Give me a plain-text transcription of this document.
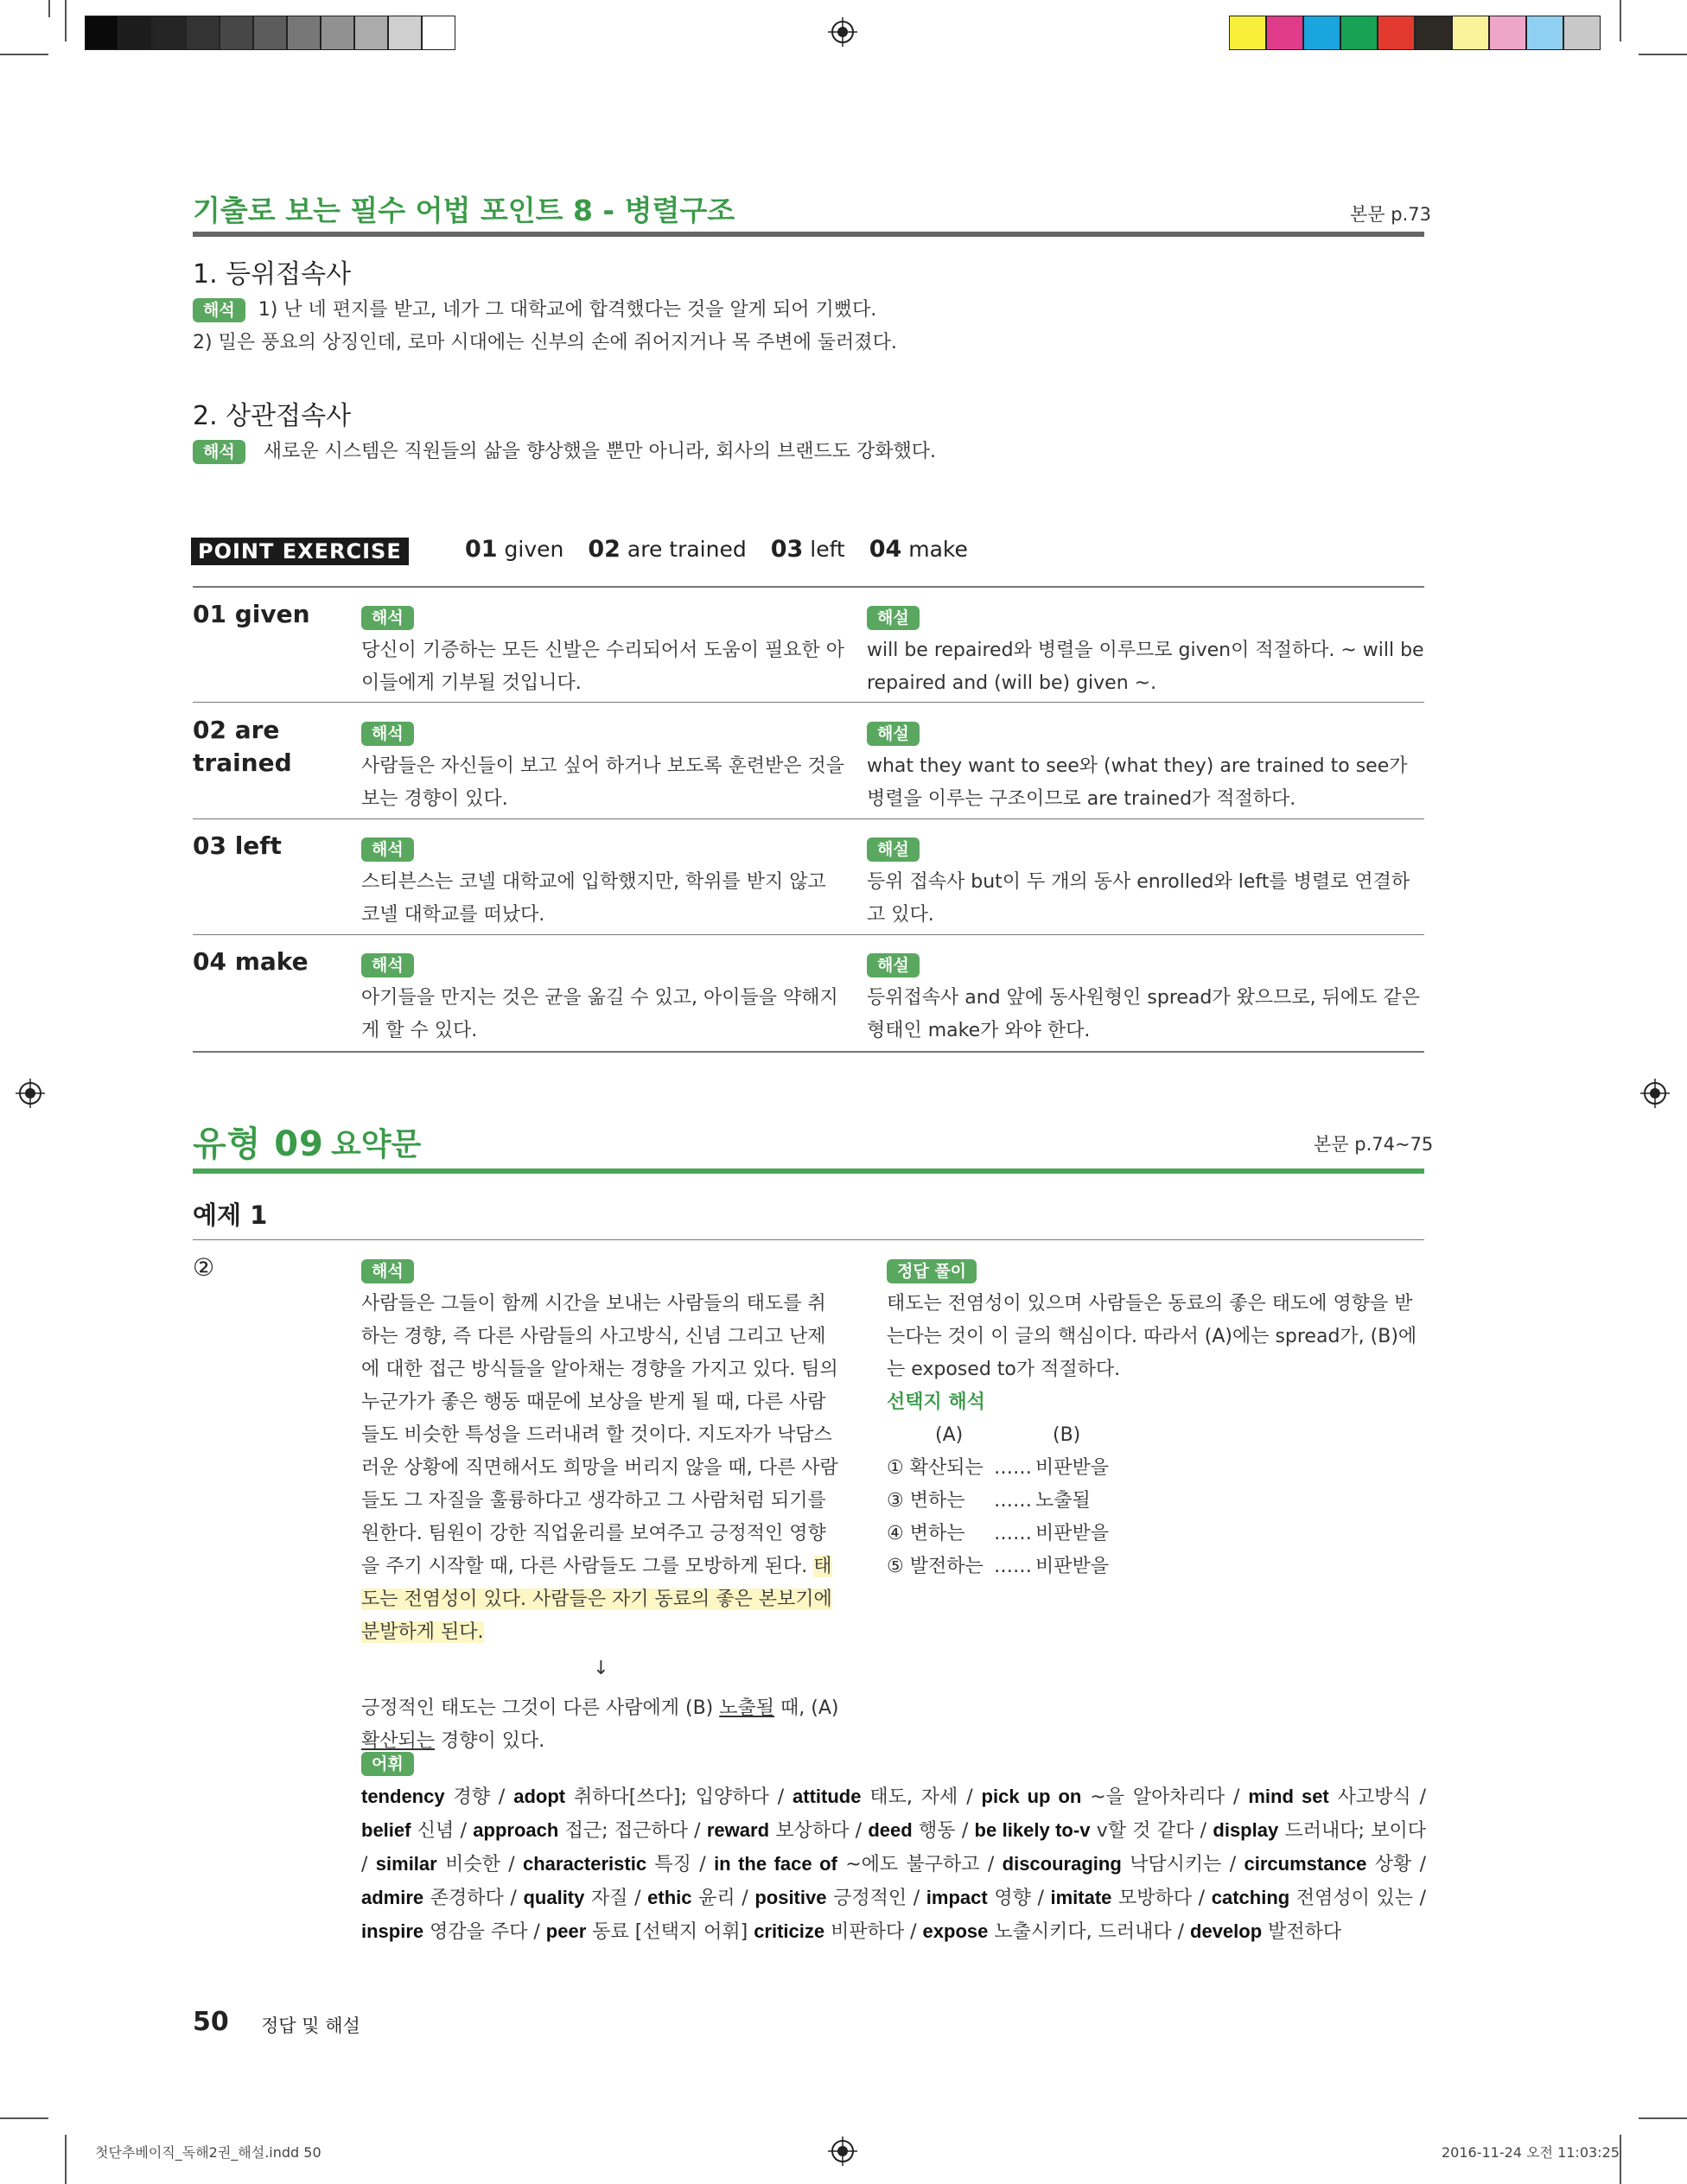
기출로 보는 필수 어법 포인트 8 - 병렬구조	본문 p.73
1. 등위접속사
해석 1) 난 네 편지를 받고, 네가 그 대학교에 합격했다는 것을 알게 되어 기뻤다.
2) 밀은 풍요의 상징인데, 로마 시대에는 신부의 손에 쥐어지거나 목 주변에 둘러졌다.
2. 상관접속사
해석 새로운 시스템은 직원들의 삶을 향상했을 뿐만 아니라, 회사의 브랜드도 강화했다.
POINT EXERCISE	01 given 02 are trained 03 left 04 make
01 given	해석
당신이 기증하는 모든 신발은 수리되어서 도움이 필요한 아이들에게 기부될 것입니다.
해설
will be repaired와 병렬을 이루므로 given이 적절하다. ~ will be repaired and (will be) given ~.
02 are trained
해석
사람들은 자신들이 보고 싶어 하거나 보도록 훈련받은 것을 보는 경향이 있다.
해설
what they want to see와 (what they) are trained to see가 병렬을 이루는 구조이므로 are trained가 적절하다.
03 left	해석
스티븐스는 코넬 대학교에 입학했지만, 학위를 받지 않고 코넬 대학교를 떠났다.
해설
등위 접속사 but이 두 개의 동사 enrolled와 left를 병렬로 연결하고 있다.
04 make	해석
아기들을 만지는 것은 균을 옮길 수 있고, 아이들을 약해지게 할 수 있다.
해설
등위접속사 and 앞에 동사원형인 spread가 왔으므로, 뒤에도 같은 형태인 make가 와야 한다.
유형 09 요약문	본문 p.74~75
예제 1
②	해석
사람들은 그들이 함께 시간을 보내는 사람들의 태도를 취하는 경향, 즉 다른 사람들의 사고방식, 신념 그리고 난제에 대한 접근 방식들을 알아채는 경향을 가지고 있다. 팀의 누군가가 좋은 행동 때문에 보상을 받게 될 때, 다른 사람들도 비슷한 특성을 드러내려 할 것이다. 지도자가 낙담스러운 상황에 직면해서도 희망을 버리지 않을 때, 다른 사람들도 그 자질을 훌륭하다고 생각하고 그 사람처럼 되기를 원한다. 팀원이 강한 직업윤리를 보여주고 긍정적인 영향을 주기 시작할 때, 다른 사람들도 그를 모방하게 된다. 태도는 전염성이 있다. 사람들은 자기 동료의 좋은 본보기에 분발하게 된다.
↓
긍정적인 태도는 그것이 다른 사람에게 (B) 노출될 때, (A) 확산되는 경향이 있다.
정답 풀이
태도는 전염성이 있으며 사람들은 동료의 좋은 태도에 영향을 받는다는 것이 이 글의 핵심이다. 따라서 (A)에는 spread가, (B)에는 exposed to가 적절하다.
선택지 해석
(A)	(B)
① 확산되는 …… 비판받을
③ 변하는 …… 노출될
④ 변하는 …… 비판받을
⑤ 발전하는 …… 비판받을
어휘
tendency 경향 / adopt 취하다[쓰다]; 입양하다 / attitude 태도, 자세 / pick up on ~을 알아차리다 / mind set 사고방식 / belief 신념 / approach 접근; 접근하다 / reward 보상하다 / deed 행동 / be likely to-v v할 것 같다 / display 드러내다; 보이다 / similar 비슷한 / characteristic 특징 / in the face of ~에도 불구하고 / discouraging 낙담시키는 / circumstance 상황 / admire 존경하다 / quality 자질 / ethic 윤리 / positive 긍정적인 / impact 영향 / imitate 모방하다 / catching 전염성이 있는 / inspire 영감을 주다 / peer 동료 [선택지 어휘] criticize 비판하다 / expose 노출시키다, 드러내다 / develop 발전하다
50 정답 및 해설
첫단추베이직_독해2권_해설.indd 50	2016-11-24 오전 11:03:25
